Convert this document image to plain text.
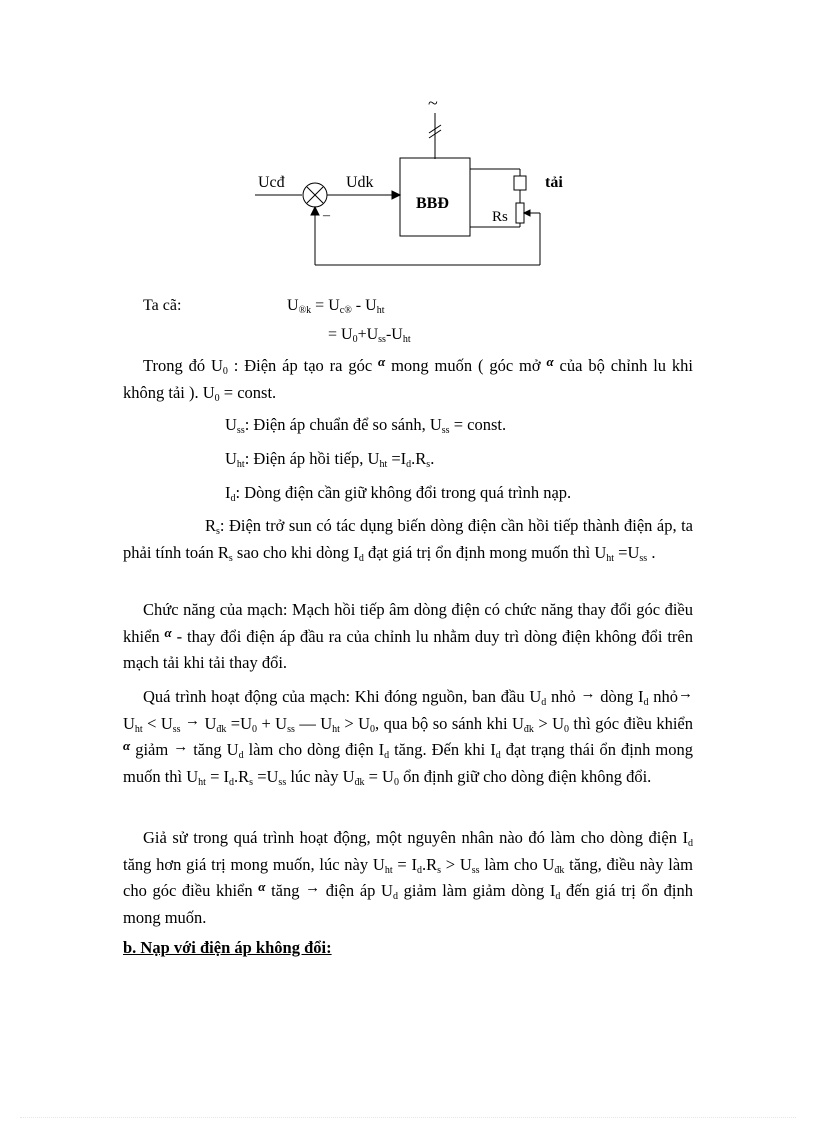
~
Ucđ	Udk
–
BBĐ
tải
Rs
Ta cã:	$U_{®k} = U_{c®} - U_{ht}$
= $U_0+U_{ss}-U_{ht}$
Trong đó $U_0$ : Điện áp tạo ra góc $^\alpha$ mong muốn ( góc mở $^\alpha$ của bộ chỉnh lu khi không tải ). $U_0$ = const.
$U_{ss}$: Điện áp chuẩn để so sánh, $U_{ss}$ = const.
$U_{ht}$: Điện áp hồi tiếp, $U_{ht} =I_d.R_s$.
$I_d$: Dòng điện cần giữ không đổi trong quá trình nạp.
$R_s$: Điện trở sun có tác dụng biến dòng điện cần hồi tiếp thành điện áp, ta phải tính toán $R_s$ sao cho khi dòng $I_d$ đạt giá trị ổn định mong muốn thì $U_{ht} =U_{ss}$ .
Chức năng của mạch: Mạch hồi tiếp âm dòng điện có chức năng thay đổi góc điều khiển $^\alpha$ - thay đổi điện áp đầu ra của chỉnh lu nhằm duy trì dòng điện không đổi trên mạch tải khi tải thay đổi.
Quá trình hoạt động của mạch: Khi đóng nguồn, ban đầu $U_d$ nhỏ → dòng $I_d$ nhỏ→ $U_{ht} < U_{ss} \to U_{đk} =U_0 + U_{ss}$ — $U_{ht} > U_0$, qua bộ so sánh khi $U_{đk} > U_0$ thì góc điều khiển $^\alpha$ giảm → tăng $U_d$ làm cho dòng điện $I_d$ tăng. Đến khi $I_d$ đạt trạng thái ổn định mong muốn thì $U_{ht} = I_d.R_s =U_{ss}$ lúc này $U_{đk} = U_0$ ổn định giữ cho dòng điện không đổi.
Giả sử trong quá trình hoạt động, một nguyên nhân nào đó làm cho dòng điện $I_d$ tăng hơn giá trị mong muốn, lúc này $U_{ht} = I_d.R_s > U_{ss}$ làm cho $U_{đk}$ tăng, điều này làm cho góc điều khiển $^\alpha$ tăng → điện áp $U_d$ giảm làm giảm dòng $I_d$ đến giá trị ổn định mong muốn.
b. Nạp với điện áp không đổi:
